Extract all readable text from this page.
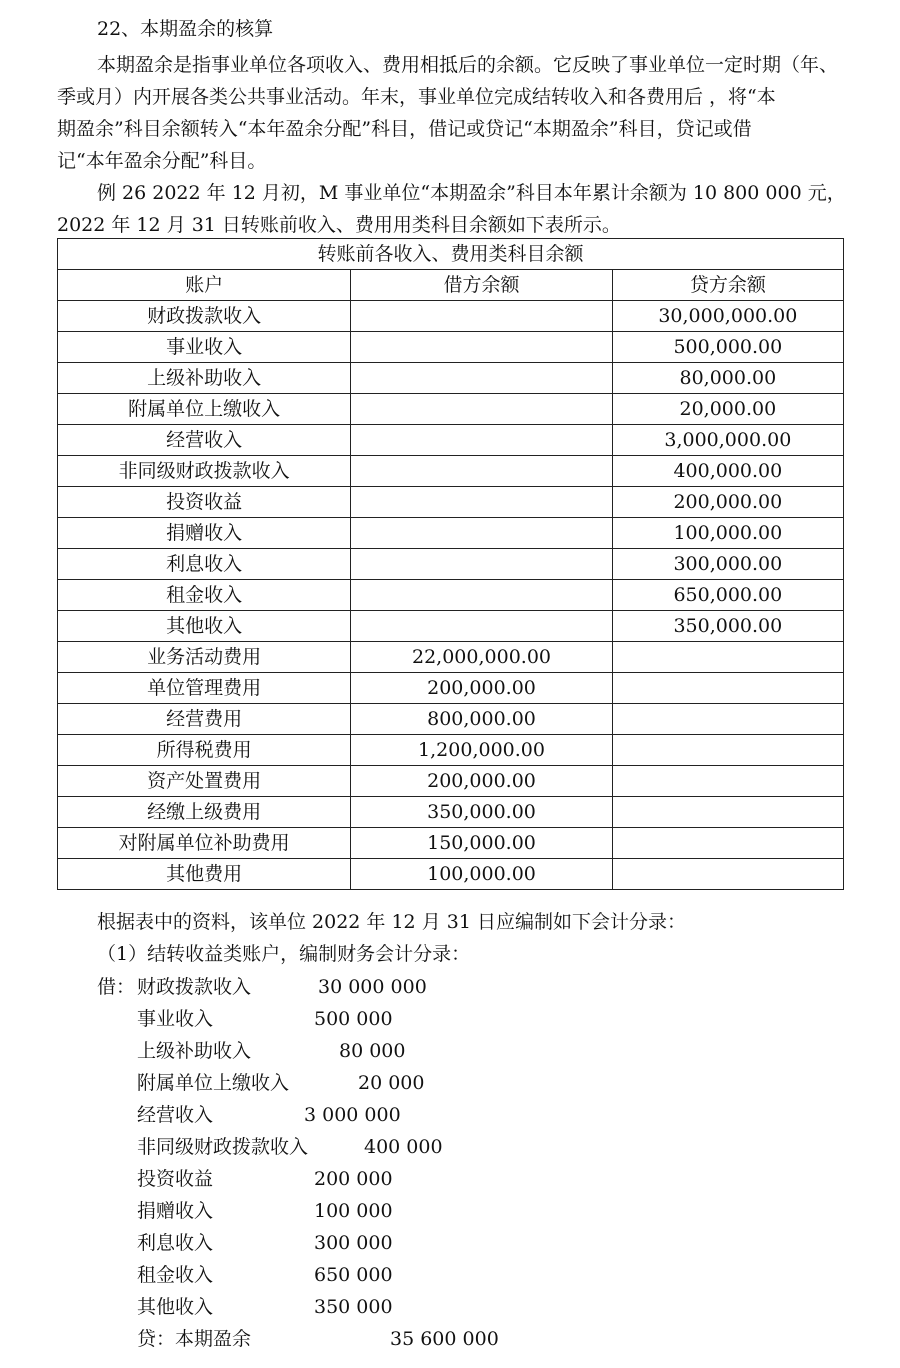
22、本期盈余的核算
本期盈余是指事业单位各项收入、费用相抵后的余额。它反映了事业单位一定时期（年、
季或月）内开展各类公共事业活动。年末，事业单位完成结转收入和各费用后 ，将“本
期盈余”科目余额转入“本年盈余分配”科目，借记或贷记“本期盈余”科目，贷记或借
记“本年盈余分配”科目。
例 26 2022 年 12 月初，M 事业单位“本期盈余”科目本年累计余额为 10 800 000 元，
2022 年 12 月 31 日转账前收入、费用用类科目余额如下表所示。
转账前各收入、费用类科目余额		
账户	借方余额	贷方余额
财政拨款收入		30,000,000.00
事业收入		500,000.00
上级补助收入		80,000.00
附属单位上缴收入		20,000.00
经营收入		3,000,000.00
非同级财政拨款收入		400,000.00
投资收益		200,000.00
捐赠收入		100,000.00
利息收入		300,000.00
租金收入		650,000.00
其他收入		350,000.00
业务活动费用	22,000,000.00	
单位管理费用	200,000.00	
经营费用	800,000.00	
所得税费用	1,200,000.00	
资产处置费用	200,000.00	
经缴上级费用	350,000.00	
对附属单位补助费用	150,000.00	
其他费用	100,000.00	
根据表中的资料，该单位 2022 年 12 月 31 日应编制如下会计分录：
（1）结转收益类账户，编制财务会计分录：
借： 财政拨款收入	30 000 000
事业收入	500 000
上级补助收入	80 000
附属单位上缴收入	20 000
经营收入	3 000 000
非同级财政拨款收入	400 000
投资收益	200 000
捐赠收入	100 000
利息收入	300 000
租金收入	650 000
其他收入	350 000
贷：本期盈余	35 600 000
